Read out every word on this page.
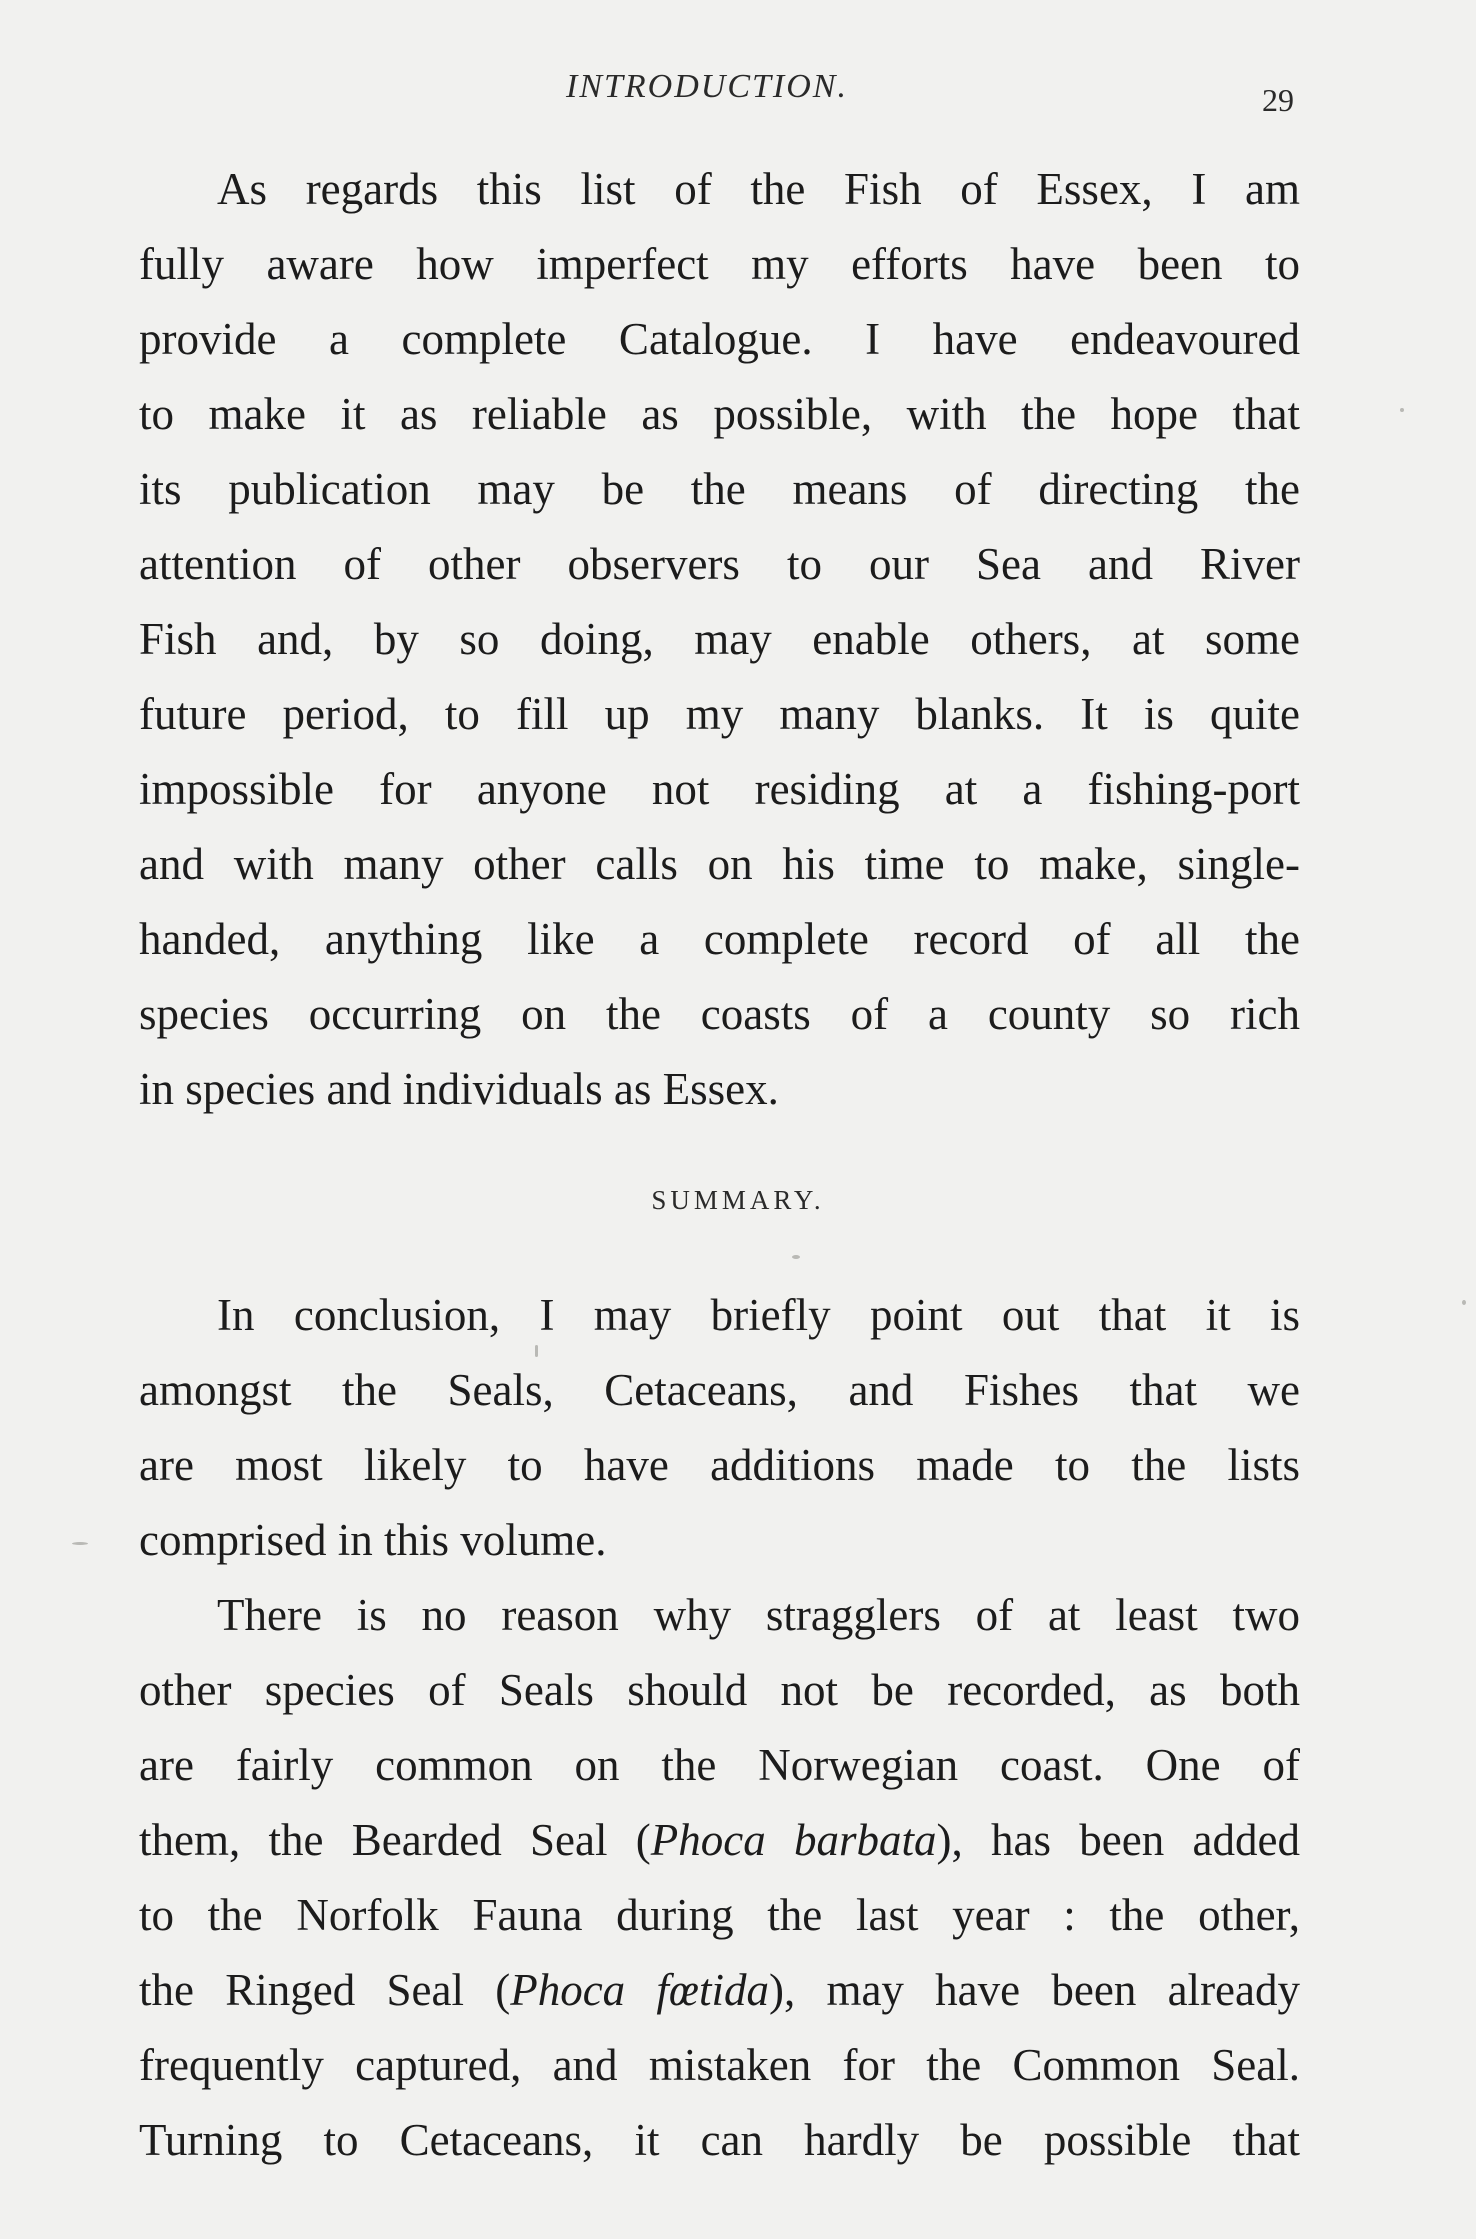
INTRODUCTION.	29
As regards this list of the Fish of Essex, I am
fully aware how imperfect my efforts have been to
provide a complete Catalogue. I have endeavoured
to make it as reliable as possible, with the hope that
its publication may be the means of directing the
attention of other observers to our Sea and River
Fish and, by so doing, may enable others, at some
future period, to fill up my many blanks. It is quite
impossible for anyone not residing at a fishing-port
and with many other calls on his time to make, single-
handed, anything like a complete record of all the
species occurring on the coasts of a county so rich
in species and individuals as Essex.
SUMMARY.
In conclusion, I may briefly point out that it is
amongst the Seals, Cetaceans, and Fishes that we
are most likely to have additions made to the lists
comprised in this volume.
There is no reason why stragglers of at least two
other species of Seals should not be recorded, as both
are fairly common on the Norwegian coast. One of
them, the Bearded Seal (Phoca barbata), has been added
to the Norfolk Fauna during the last year : the other,
the Ringed Seal (Phoca fœtida), may have been already
frequently captured, and mistaken for the Common Seal.
Turning to Cetaceans, it can hardly be possible that
